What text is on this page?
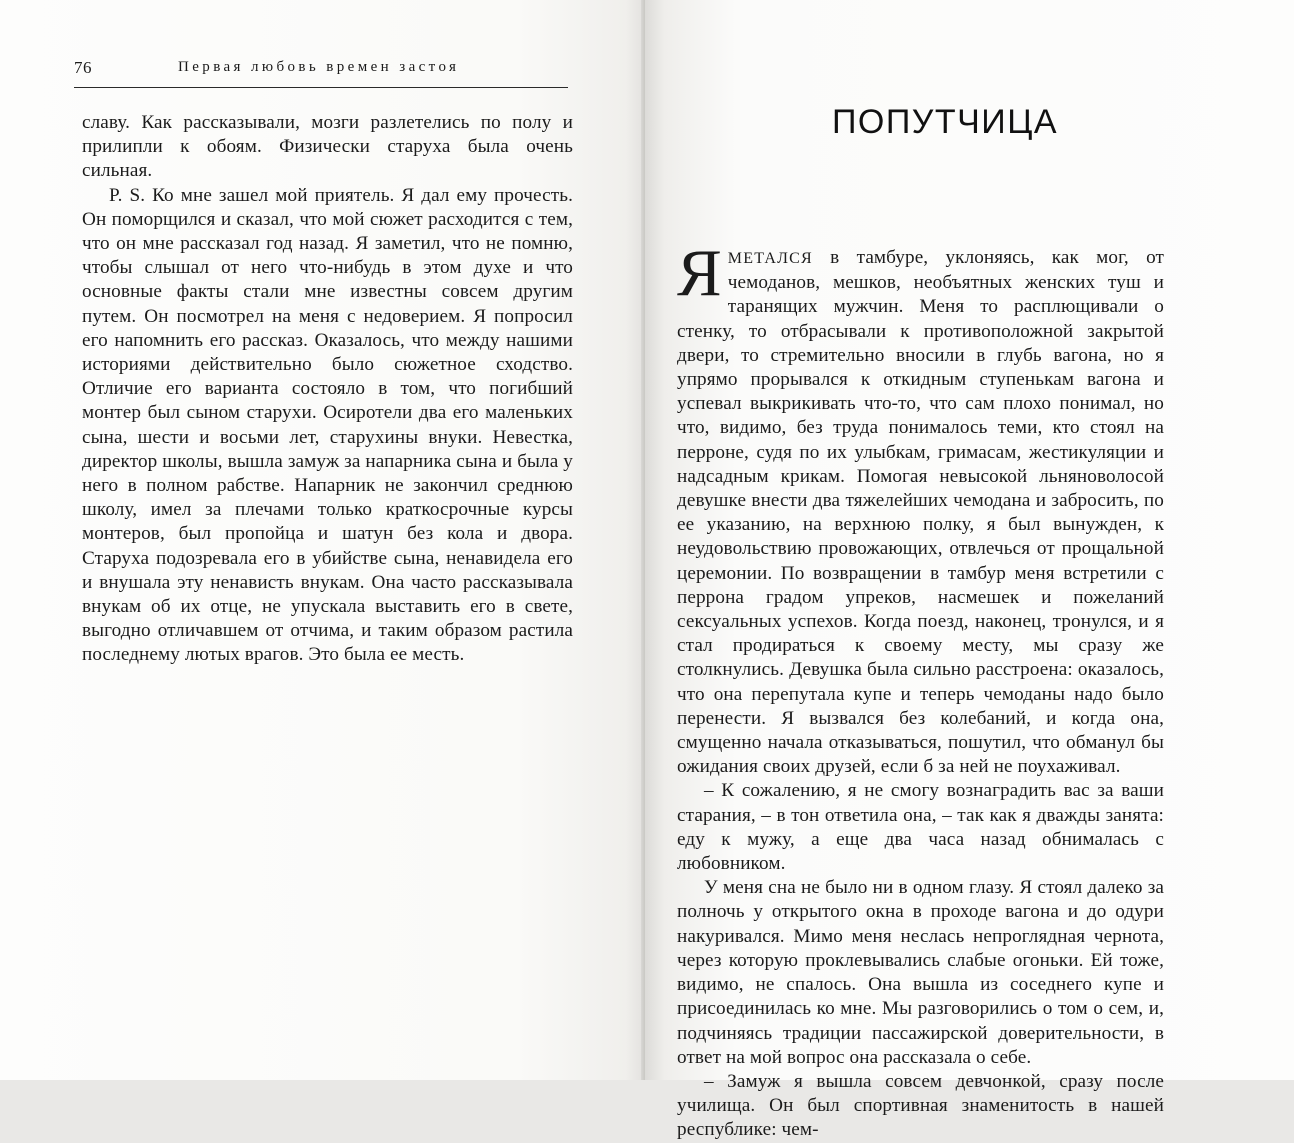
76	Первая любовь времен застоя

славу. Как рассказывали, мозги разлетелись по полу и прилипли к обоям. Физически старуха была очень сильная.

P. S. Ко мне зашел мой приятель. Я дал ему прочесть. Он поморщился и сказал, что мой сюжет расходится с тем, что он мне рассказал год назад. Я заметил, что не помню, чтобы слышал от него что-нибудь в этом духе и что основные факты стали мне известны совсем другим путем. Он посмотрел на меня с недоверием. Я попросил его напомнить его рассказ. Оказалось, что между нашими историями действительно было сюжетное сходство. Отличие его варианта состояло в том, что погибший монтер был сыном старухи. Осиротели два его маленьких сына, шести и восьми лет, старухины внуки. Невестка, директор школы, вышла замуж за напарника сына и была у него в полном рабстве. Напарник не закончил среднюю школу, имел за плечами только краткосрочные курсы монтеров, был пропойца и шатун без кола и двора. Старуха подозревала его в убийстве сына, ненавидела его и внушала эту ненависть внукам. Она часто рассказывала внукам об их отце, не упускала выставить его в свете, выгодно отличавшем от отчима, и таким образом растила последнему лютых врагов. Это была ее месть.

ПОПУТЧИЦА

ЯМЕТАЛСЯ в тамбуре, уклоняясь, как мог, от чемоданов, мешков, необъятных женских туш и таранящих мужчин. Меня то расплющивали о стенку, то отбрасывали к противоположной закрытой двери, то стремительно вносили в глубь вагона, но я упрямо прорывался к откидным ступенькам вагона и успевал выкрикивать что-то, что сам плохо понимал, но что, видимо, без труда понималось теми, кто стоял на перроне, судя по их улыбкам, гримасам, жестикуляции и надсадным крикам. Помогая невысокой льняноволосой девушке внести два тяжелейших чемодана и забросить, по ее указанию, на верхнюю полку, я был вынужден, к неудовольствию провожающих, отвлечься от прощальной церемонии. По возвращении в тамбур меня встретили с перрона градом упреков, насмешек и пожеланий сексуальных успехов. Когда поезд, наконец, тронулся, и я стал продираться к своему месту, мы сразу же столкнулись. Девушка была сильно расстроена: оказалось, что она перепутала купе и теперь чемоданы надо было перенести. Я вызвался без колебаний, и когда она, смущенно начала отказываться, пошутил, что обманул бы ожидания своих друзей, если б за ней не поухаживал.

– К сожалению, я не смогу вознаградить вас за ваши старания, – в тон ответила она, – так как я дважды занята: еду к мужу, а еще два часа назад обнималась с любовником.

У меня сна не было ни в одном глазу. Я стоял далеко за полночь у открытого окна в проходе вагона и до одури накуривался. Мимо меня неслась непроглядная чернота, через которую проклевывались слабые огоньки. Ей тоже, видимо, не спалось. Она вышла из соседнего купе и присоединилась ко мне. Мы разговорились о том о сем, и, подчиняясь традиции пассажирской доверительности, в ответ на мой вопрос она рассказала о себе.

– Замуж я вышла совсем девчонкой, сразу после училища. Он был спортивная знаменитость в нашей республике: чем-
